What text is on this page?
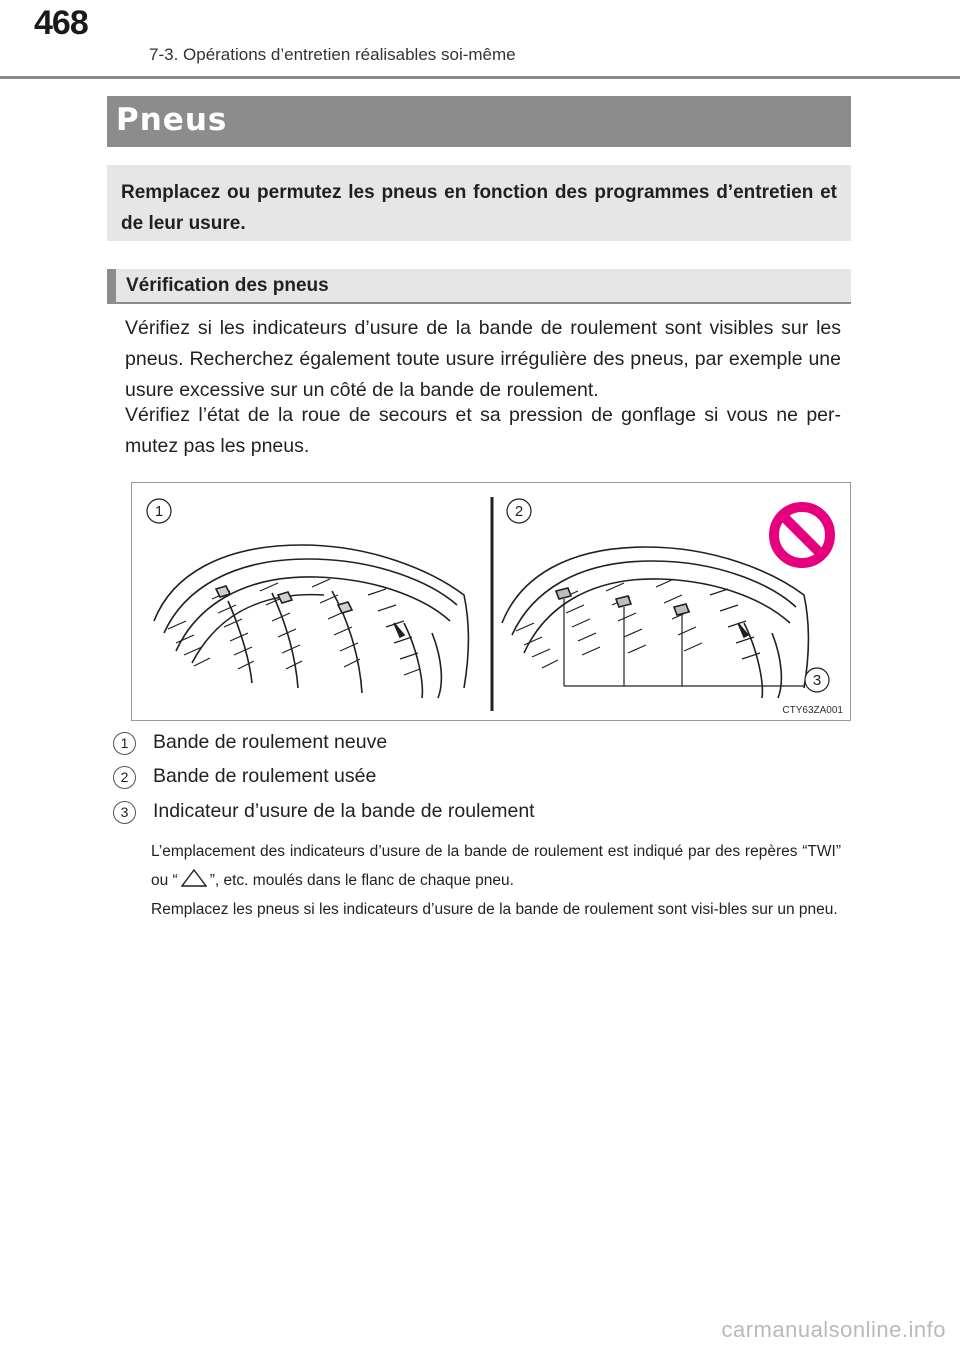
468
7-3. Opérations d’entretien réalisables soi-même
Pneus

Remplacez ou permutez les pneus en fonction des programmes d’entretien et de leur usure.

Vérification des pneus

Vérifiez si les indicateurs d’usure de la bande de roulement sont visibles sur les pneus. Recherchez également toute usure irrégulière des pneus, par exemple une usure excessive sur un côté de la bande de roulement.

Vérifiez l’état de la roue de secours et sa pression de gonflage si vous ne per-mutez pas les pneus.

1	2
3
CTY63ZA001
1	Bande de roulement neuve
2	Bande de roulement usée
3	Indicateur d’usure de la bande de roulement

L’emplacement des indicateurs d’usure de la bande de roulement est indiqué par des repères “TWI” ou “ ”, etc. moulés dans le flanc de chaque pneu.

Remplacez les pneus si les indicateurs d’usure de la bande de roulement sont visi-bles sur un pneu.

carmanualsonline.info
